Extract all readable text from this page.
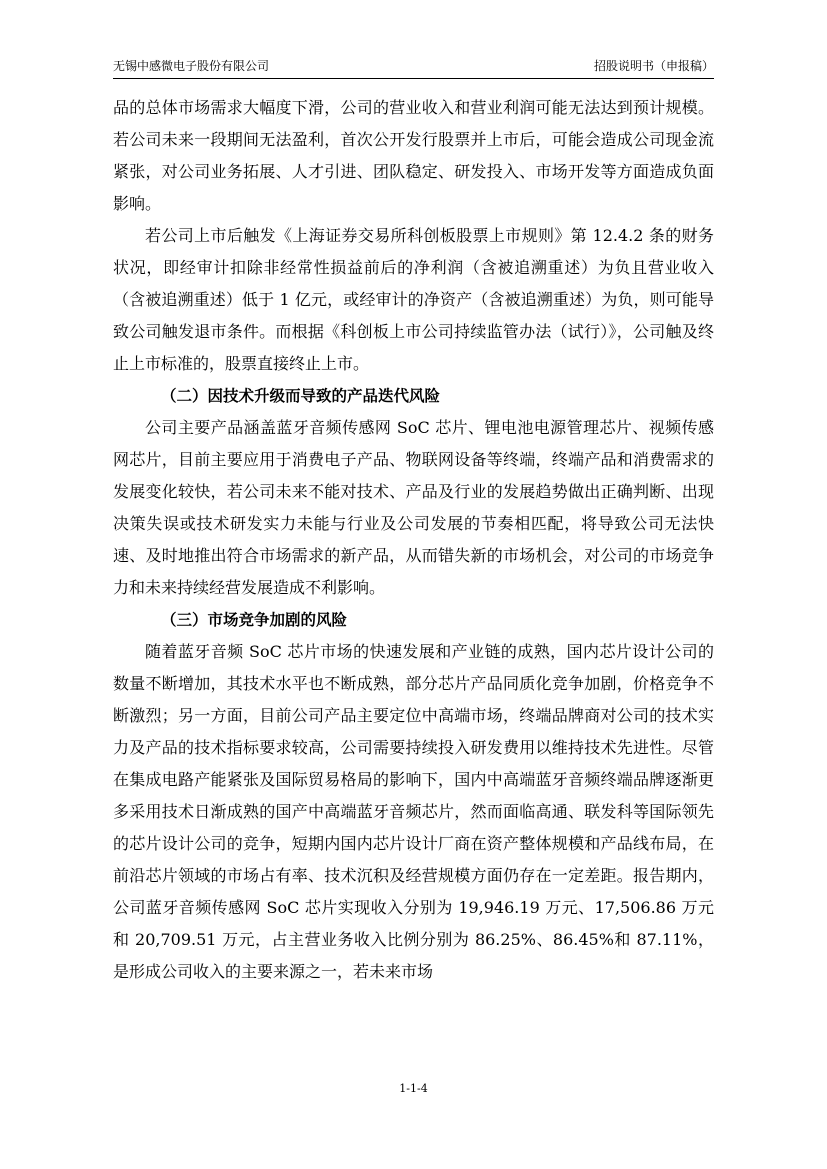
无锡中感微电子股份有限公司	招股说明书（申报稿）

品的总体市场需求大幅度下滑，公司的营业收入和营业利润可能无法达到预计规模。若公司未来一段期间无法盈利，首次公开发行股票并上市后，可能会造成公司现金流紧张，对公司业务拓展、人才引进、团队稳定、研发投入、市场开发等方面造成负面影响。

若公司上市后触发《上海证券交易所科创板股票上市规则》第 12.4.2 条的财务状况，即经审计扣除非经常性损益前后的净利润（含被追溯重述）为负且营业收入（含被追溯重述）低于 1 亿元，或经审计的净资产（含被追溯重述）为负，则可能导致公司触发退市条件。而根据《科创板上市公司持续监管办法（试行）》，公司触及终止上市标准的，股票直接终止上市。

（二）因技术升级而导致的产品迭代风险

公司主要产品涵盖蓝牙音频传感网 SoC 芯片、锂电池电源管理芯片、视频传感网芯片，目前主要应用于消费电子产品、物联网设备等终端，终端产品和消费需求的发展变化较快，若公司未来不能对技术、产品及行业的发展趋势做出正确判断、出现决策失误或技术研发实力未能与行业及公司发展的节奏相匹配，将导致公司无法快速、及时地推出符合市场需求的新产品，从而错失新的市场机会，对公司的市场竞争力和未来持续经营发展造成不利影响。

（三）市场竞争加剧的风险

随着蓝牙音频 SoC 芯片市场的快速发展和产业链的成熟，国内芯片设计公司的数量不断增加，其技术水平也不断成熟，部分芯片产品同质化竞争加剧，价格竞争不断激烈；另一方面，目前公司产品主要定位中高端市场，终端品牌商对公司的技术实力及产品的技术指标要求较高，公司需要持续投入研发费用以维持技术先进性。尽管在集成电路产能紧张及国际贸易格局的影响下，国内中高端蓝牙音频终端品牌逐渐更多采用技术日渐成熟的国产中高端蓝牙音频芯片，然而面临高通、联发科等国际领先的芯片设计公司的竞争，短期内国内芯片设计厂商在资产整体规模和产品线布局，在前沿芯片领域的市场占有率、技术沉积及经营规模方面仍存在一定差距。报告期内，公司蓝牙音频传感网 SoC 芯片实现收入分别为 19,946.19 万元、17,506.86 万元和 20,709.51 万元，占主营业务收入比例分别为 86.25%、86.45%和 87.11%，是形成公司收入的主要来源之一，若未来市场

1-1-4
